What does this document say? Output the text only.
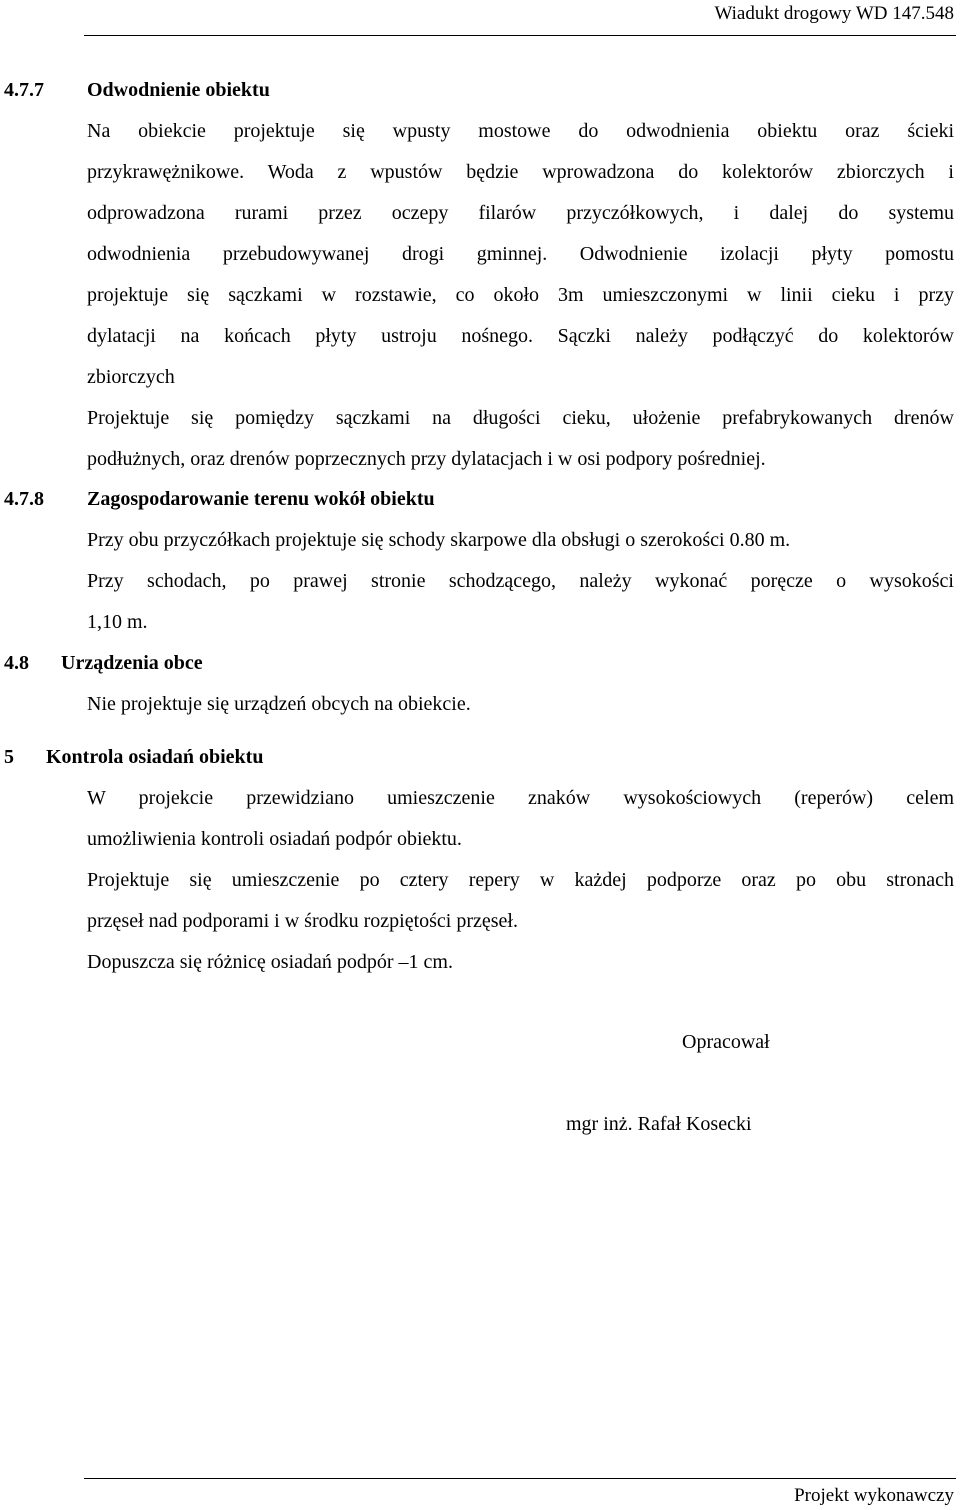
Wiadukt drogowy WD 147.548
4.7.7 Odwodnienie obiektu
Na obiekcie projektuje się wpusty mostowe do odwodnienia obiektu oraz ścieki
przykrawężnikowe. Woda z wpustów będzie wprowadzona do kolektorów zbiorczych i
odprowadzona rurami przez oczepy filarów przyczółkowych, i dalej do systemu
odwodnienia przebudowywanej drogi gminnej. Odwodnienie izolacji płyty pomostu
projektuje się sączkami w rozstawie, co około 3m umieszczonymi w linii cieku i przy
dylatacji na końcach płyty ustroju nośnego. Sączki należy podłączyć do kolektorów
zbiorczych
Projektuje się pomiędzy sączkami na długości cieku, ułożenie prefabrykowanych drenów
podłużnych, oraz drenów poprzecznych przy dylatacjach i w osi podpory pośredniej.
4.7.8 Zagospodarowanie terenu wokół obiektu
Przy obu przyczółkach projektuje się schody skarpowe dla obsługi o szerokości 0.80 m.
Przy schodach, po prawej stronie schodzącego, należy wykonać poręcze o wysokości
1,10 m.
4.8 Urządzenia obce
Nie projektuje się urządzeń obcych na obiekcie.
5 Kontrola osiadań obiektu
W projekcie przewidziano umieszczenie znaków wysokościowych (reperów) celem
umożliwienia kontroli osiadań podpór obiektu.
Projektuje się umieszczenie po cztery repery w każdej podporze oraz po obu stronach
przęseł nad podporami i w środku rozpiętości przęseł.
Dopuszcza się różnicę osiadań podpór –1 cm.
Opracował
mgr inż. Rafał Kosecki
Projekt wykonawczy
